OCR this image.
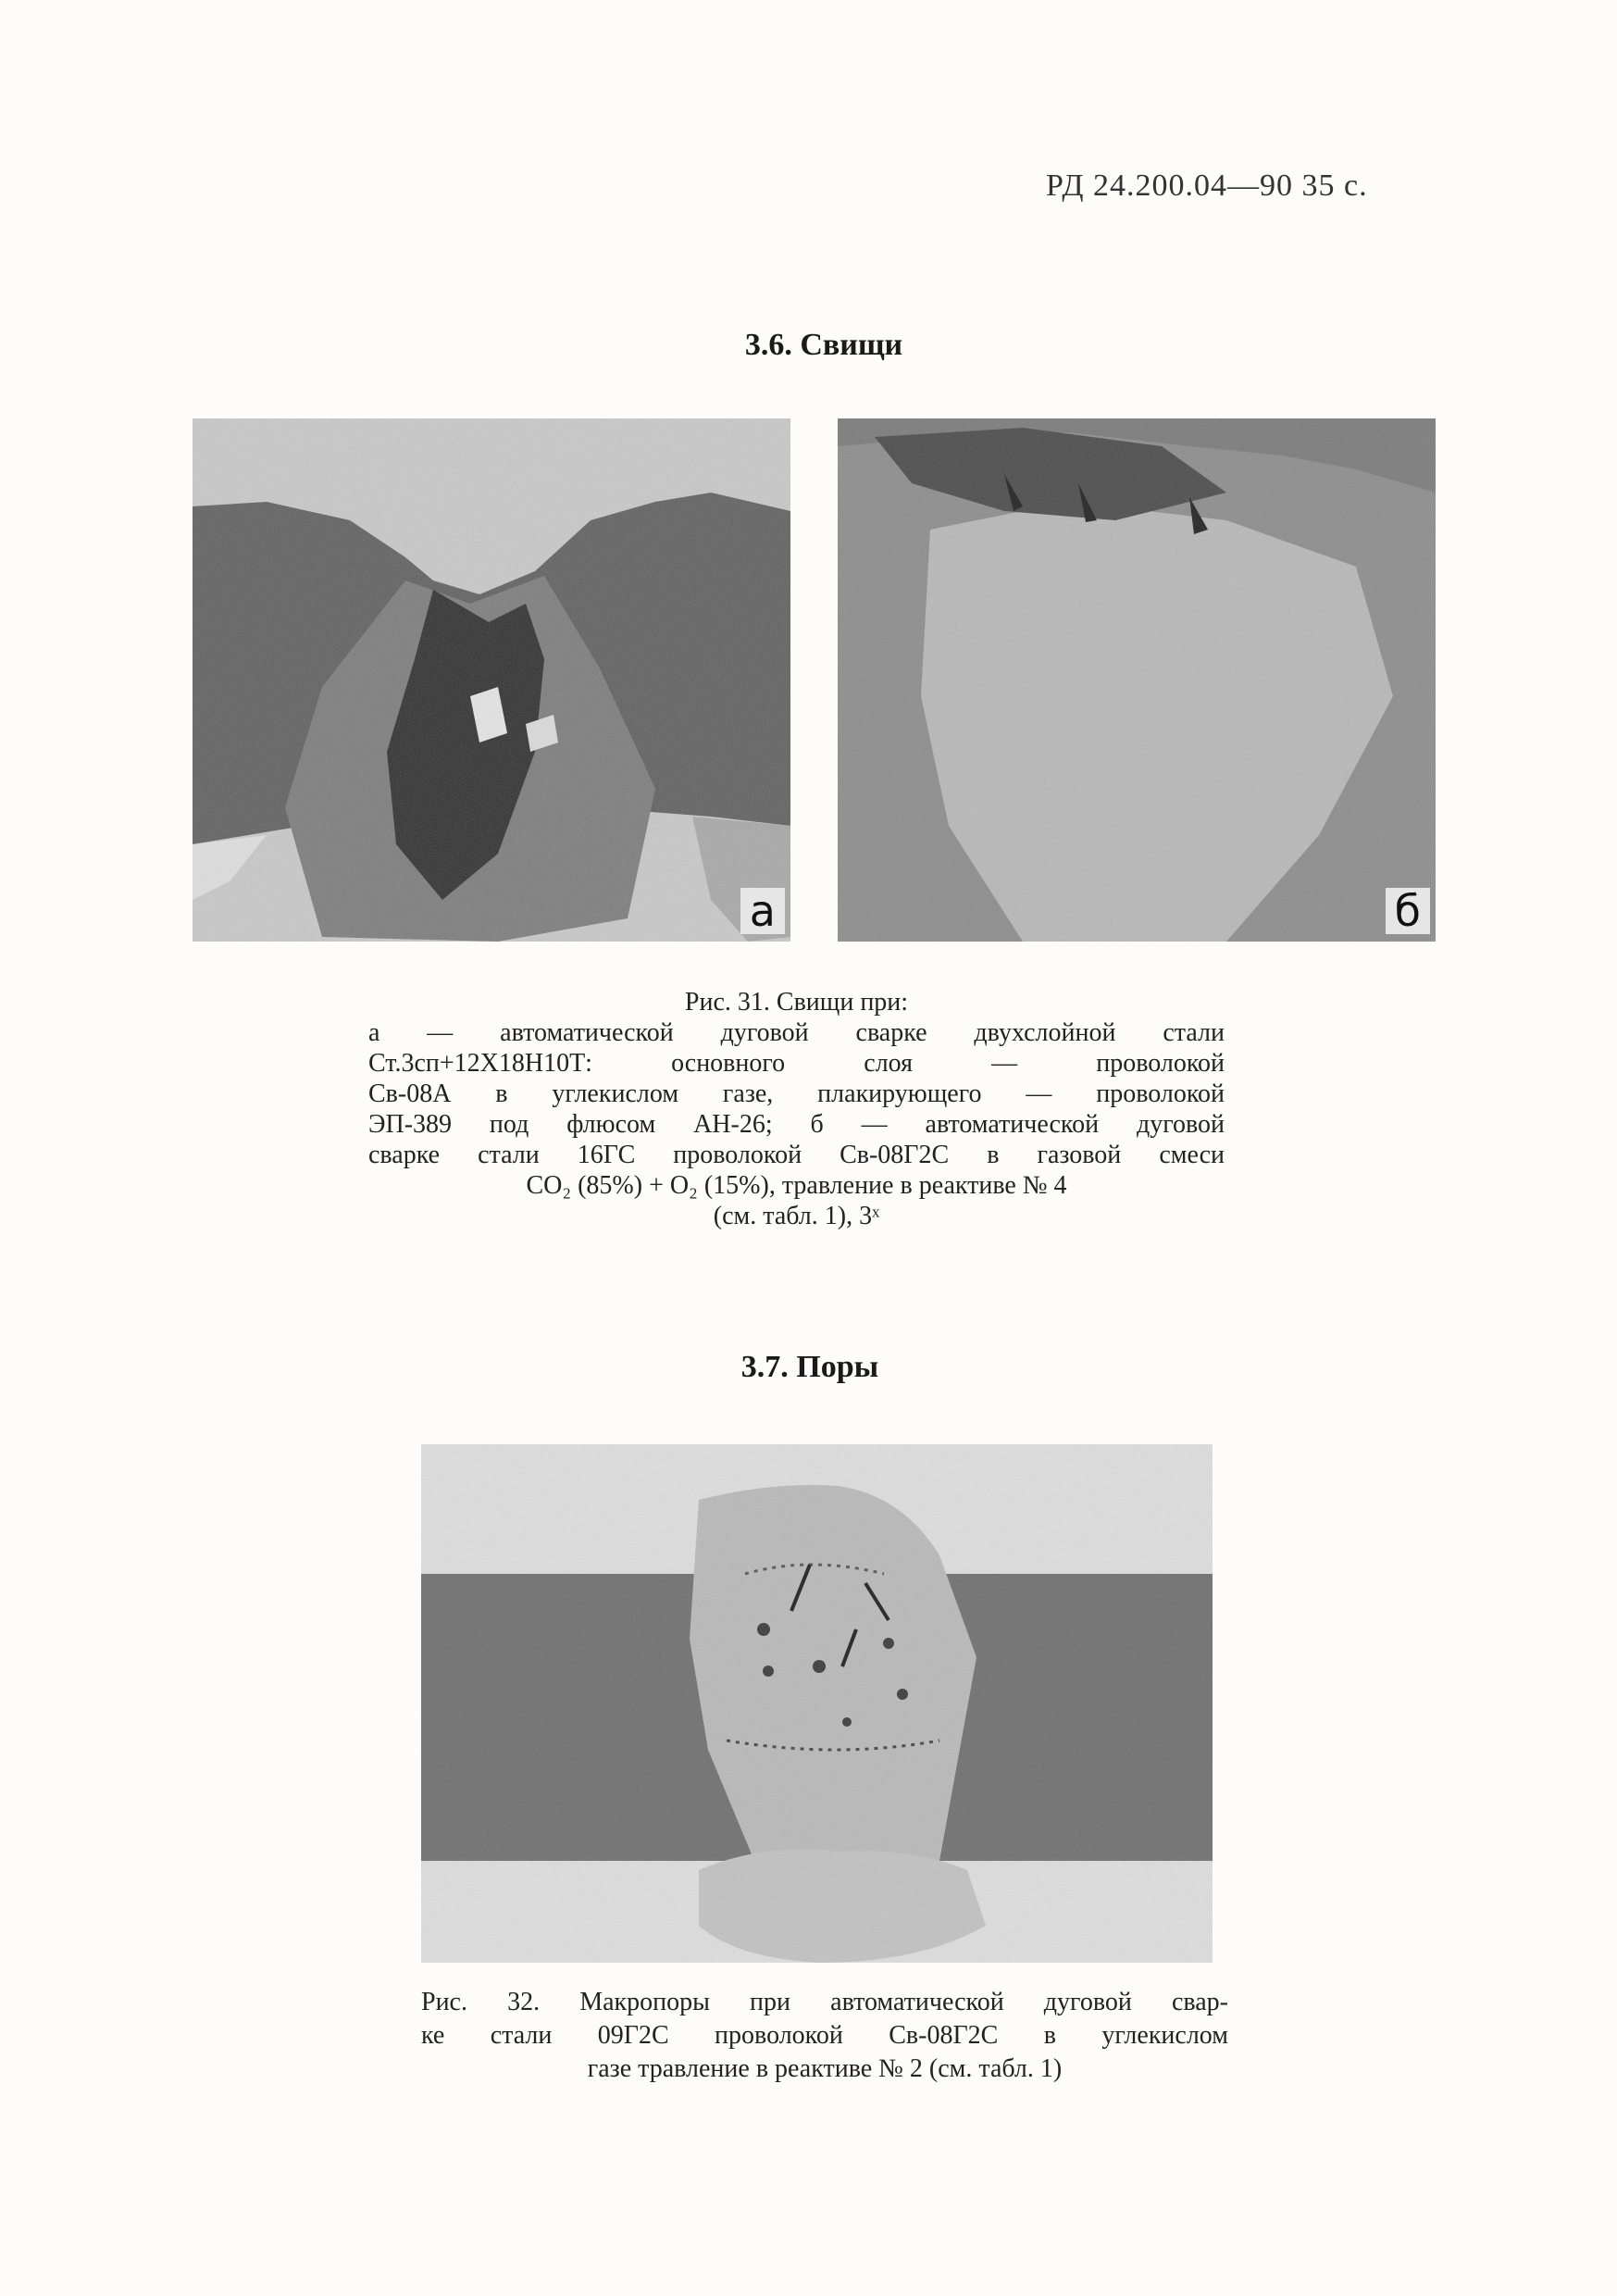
РД 24.200.04—90 35 с.
3.6. Свищи
а	б
Рис. 31. Свищи при:
а — автоматической дуговой сварке двухслойной стали
Ст.3сп+12Х18Н10Т: основного слоя — проволокой
Св-08А в углекислом газе, плакирующего — проволокой
ЭП-389 под флюсом АН-26; б — автоматической дуговой
сварке стали 16ГС проволокой Св-08Г2С в газовой смеси
CO₂ (85%) + O₂ (15%), травление в реактиве № 4
(см. табл. 1), 3ˣ
3.7. Поры
Рис. 32. Макропоры при автоматической дуговой свар-
ке стали 09Г2С проволокой Св-08Г2С в углекислом
газе травление в реактиве № 2 (см. табл. 1)
